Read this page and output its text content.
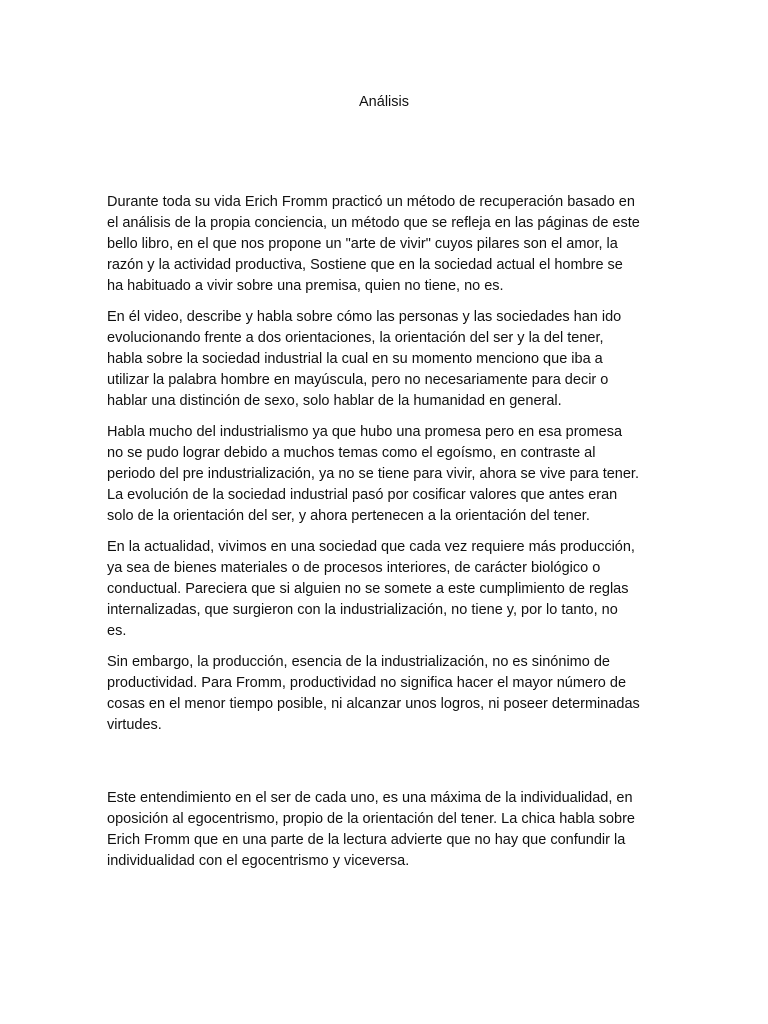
Análisis

Durante toda su vida Erich Fromm practicó un método de recuperación basado en
el análisis de la propia conciencia, un método que se refleja en las páginas de este
bello libro, en el que nos propone un "arte de vivir" cuyos pilares son el amor, la
razón y la actividad productiva, Sostiene que en la sociedad actual el hombre se
ha habituado a vivir sobre una premisa, quien no tiene, no es.

En él video, describe y habla sobre cómo las personas y las sociedades han ido
evolucionando frente a dos orientaciones, la orientación del ser y la del tener,
habla sobre la sociedad industrial la cual en su momento menciono que iba a
utilizar la palabra hombre en mayúscula, pero no necesariamente para decir o
hablar una distinción de sexo, solo hablar de la humanidad en general.

Habla mucho del industrialismo ya que hubo una promesa pero en esa promesa
no se pudo lograr debido a muchos temas como el egoísmo, en contraste al
periodo del pre industrialización, ya no se tiene para vivir, ahora se vive para tener.
La evolución de la sociedad industrial pasó por cosificar valores que antes eran
solo de la orientación del ser, y ahora pertenecen a la orientación del tener.

En la actualidad, vivimos en una sociedad que cada vez requiere más producción,
ya sea de bienes materiales o de procesos interiores, de carácter biológico o
conductual. Pareciera que si alguien no se somete a este cumplimiento de reglas
internalizadas, que surgieron con la industrialización, no tiene y, por lo tanto, no
es.

Sin embargo, la producción, esencia de la industrialización, no es sinónimo de
productividad. Para Fromm, productividad no significa hacer el mayor número de
cosas en el menor tiempo posible, ni alcanzar unos logros, ni poseer determinadas
virtudes.

Este entendimiento en el ser de cada uno, es una máxima de la individualidad, en
oposición al egocentrismo, propio de la orientación del tener. La chica habla sobre
Erich Fromm que en una parte de la lectura advierte que no hay que confundir la
individualidad con el egocentrismo y viceversa.
